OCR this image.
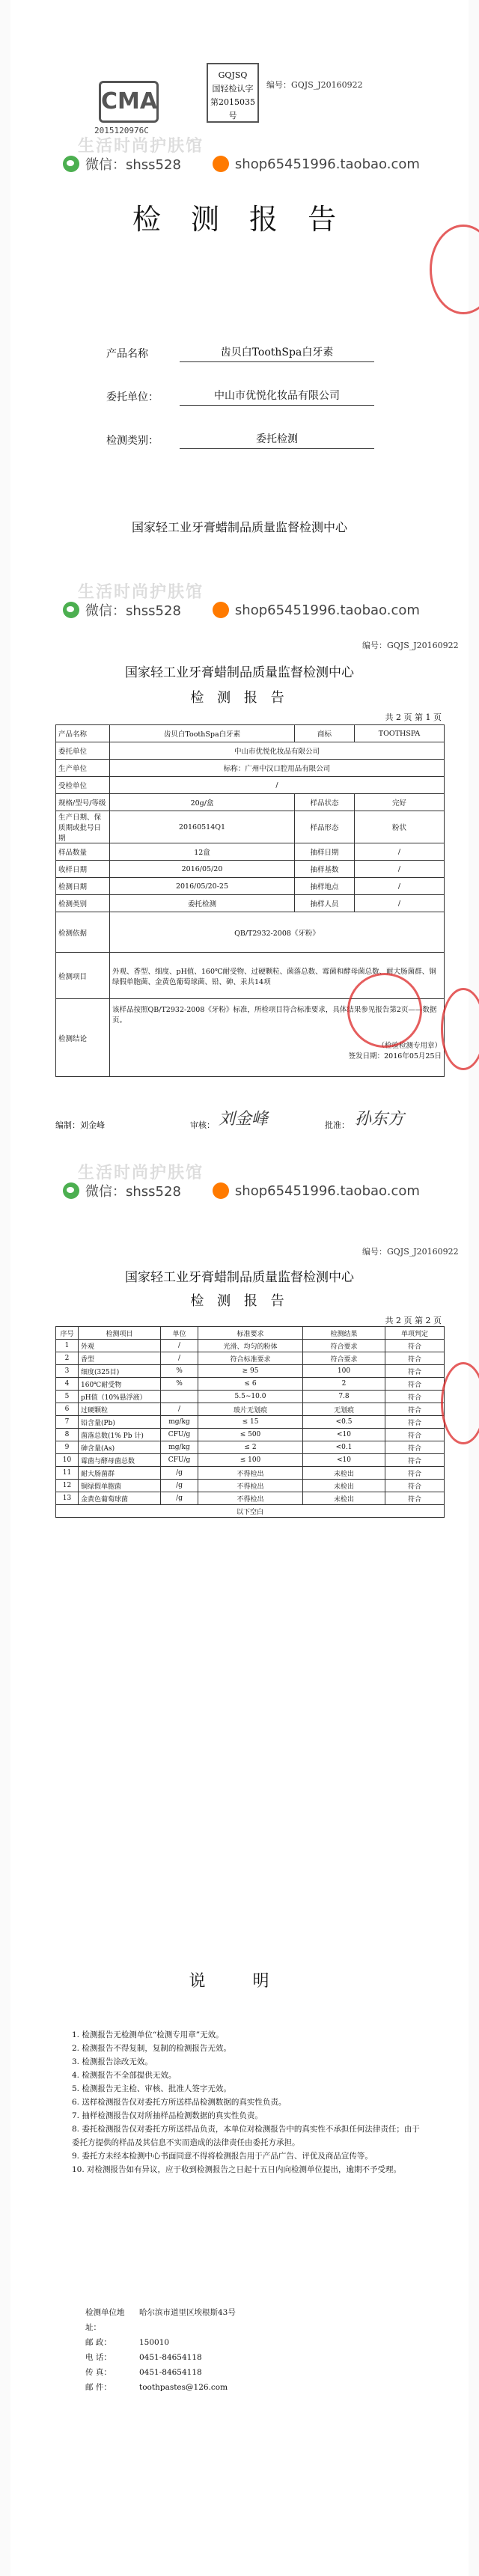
CMA
2015120976C
GQJSQ
国轻检认字
第2015035号
编号：GQJS_J20160922
生活时尚护肤馆
微信：shss528	shop65451996.taobao.com
检 测 报 告
产品名称	齿贝白ToothSpa白牙素
委托单位：	中山市优悦化妆品有限公司
检测类别：	委托检测
国家轻工业牙膏蜡制品质量监督检测中心
生活时尚护肤馆
微信：shss528	shop65451996.taobao.com
编号：GQJS_J20160922
国家轻工业牙膏蜡制品质量监督检测中心
检 测 报 告
共 2 页 第 1 页
产品名称	齿贝白ToothSpa白牙素	商标	TOOTHSPA
委托单位	中山市优悦化妆品有限公司		
生产单位	标称：广州中汉口腔用品有限公司		
受检单位	/		
规格/型号/等级	20g/盒	样品状态	完好
生产日期、保质期或批号日期	20160514Q1	样品形态	粉状
样品数量	12盒	抽样日期	/
收样日期	2016/05/20	抽样基数	/
检测日期	2016/05/20-25	抽样地点	/
检测类别	委托检测	抽样人员	/
检测依据	QB/T2932-2008《牙粉》		
检测项目	外观、香型、细度、pH值、160℃耐受物、过硬颗粒、菌落总数、霉菌和酵母菌总数、耐大肠菌群、铜绿假单胞菌、金黄色葡萄球菌、铅、砷、汞共14项		
检测结论	该样品按照QB/T2932-2008《牙粉》标准，所检项目符合标准要求，具体结果参见报告第2页——数据页。
（检验检测专用章）
签发日期：2016年05月25日		
编制：刘金峰	审核： 刘金峰	批准： 孙东方
生活时尚护肤馆
微信：shss528	shop65451996.taobao.com
编号：GQJS_J20160922
国家轻工业牙膏蜡制品质量监督检测中心
检 测 报 告
共 2 页 第 2 页
序号	检测项目	单位	标准要求	检测结果	单项判定
1	外观	/	光滑、均匀的粉体	符合要求	符合
2	香型	/	符合标准要求	符合要求	符合
3	细度(325目)	%	≥ 95	100	符合
4	160℃耐受物	%	≤ 6	2	符合
5	pH值（10%悬浮液）		5.5~10.0	7.8	符合
6	过硬颗粒	/	玻片无划痕	无划痕	符合
7	铅含量(Pb)	mg/kg	≤ 15	<0.5	符合
8	菌落总数(1% Pb 计)	CFU/g	≤ 500	<10	符合
9	砷含量(As)	mg/kg	≤ 2	<0.1	符合
10	霉菌与酵母菌总数	CFU/g	≤ 100	<10	符合
11	耐大肠菌群	/g	不得检出	未检出	符合
12	铜绿假单胞菌	/g	不得检出	未检出	符合
13	金黄色葡萄球菌	/g	不得检出	未检出	符合
以下空白					
说 明
1. 检测报告无检测单位“检测专用章”无效。
2. 检测报告不得复制，复制的检测报告无效。
3. 检测报告涂改无效。
4. 检测报告不全部提供无效。
5. 检测报告无主检、审核、批准人签字无效。
6. 送样检测报告仅对委托方所送样品检测数据的真实性负责。
7. 抽样检测报告仅对所抽样品检测数据的真实性负责。
8. 委托检测报告仅对委托方所送样品负责，本单位对检测报告中的真实性不承担任何法律责任；由于委托方提供的样品及其信息不实而造成的法律责任由委托方承担。
9. 委托方未经本检测中心书面同意不得将检测报告用于产品广告、评优及商品宣传等。
10. 对检测报告如有异议，应于收到检测报告之日起十五日内向检测单位提出，逾期不予受理。
检测单位地址：
哈尔滨市道里区埃根斯43号
邮 政：	150010
电 话：	0451-84654118
传 真：	0451-84654118
邮 件：	toothpastes@126.com
